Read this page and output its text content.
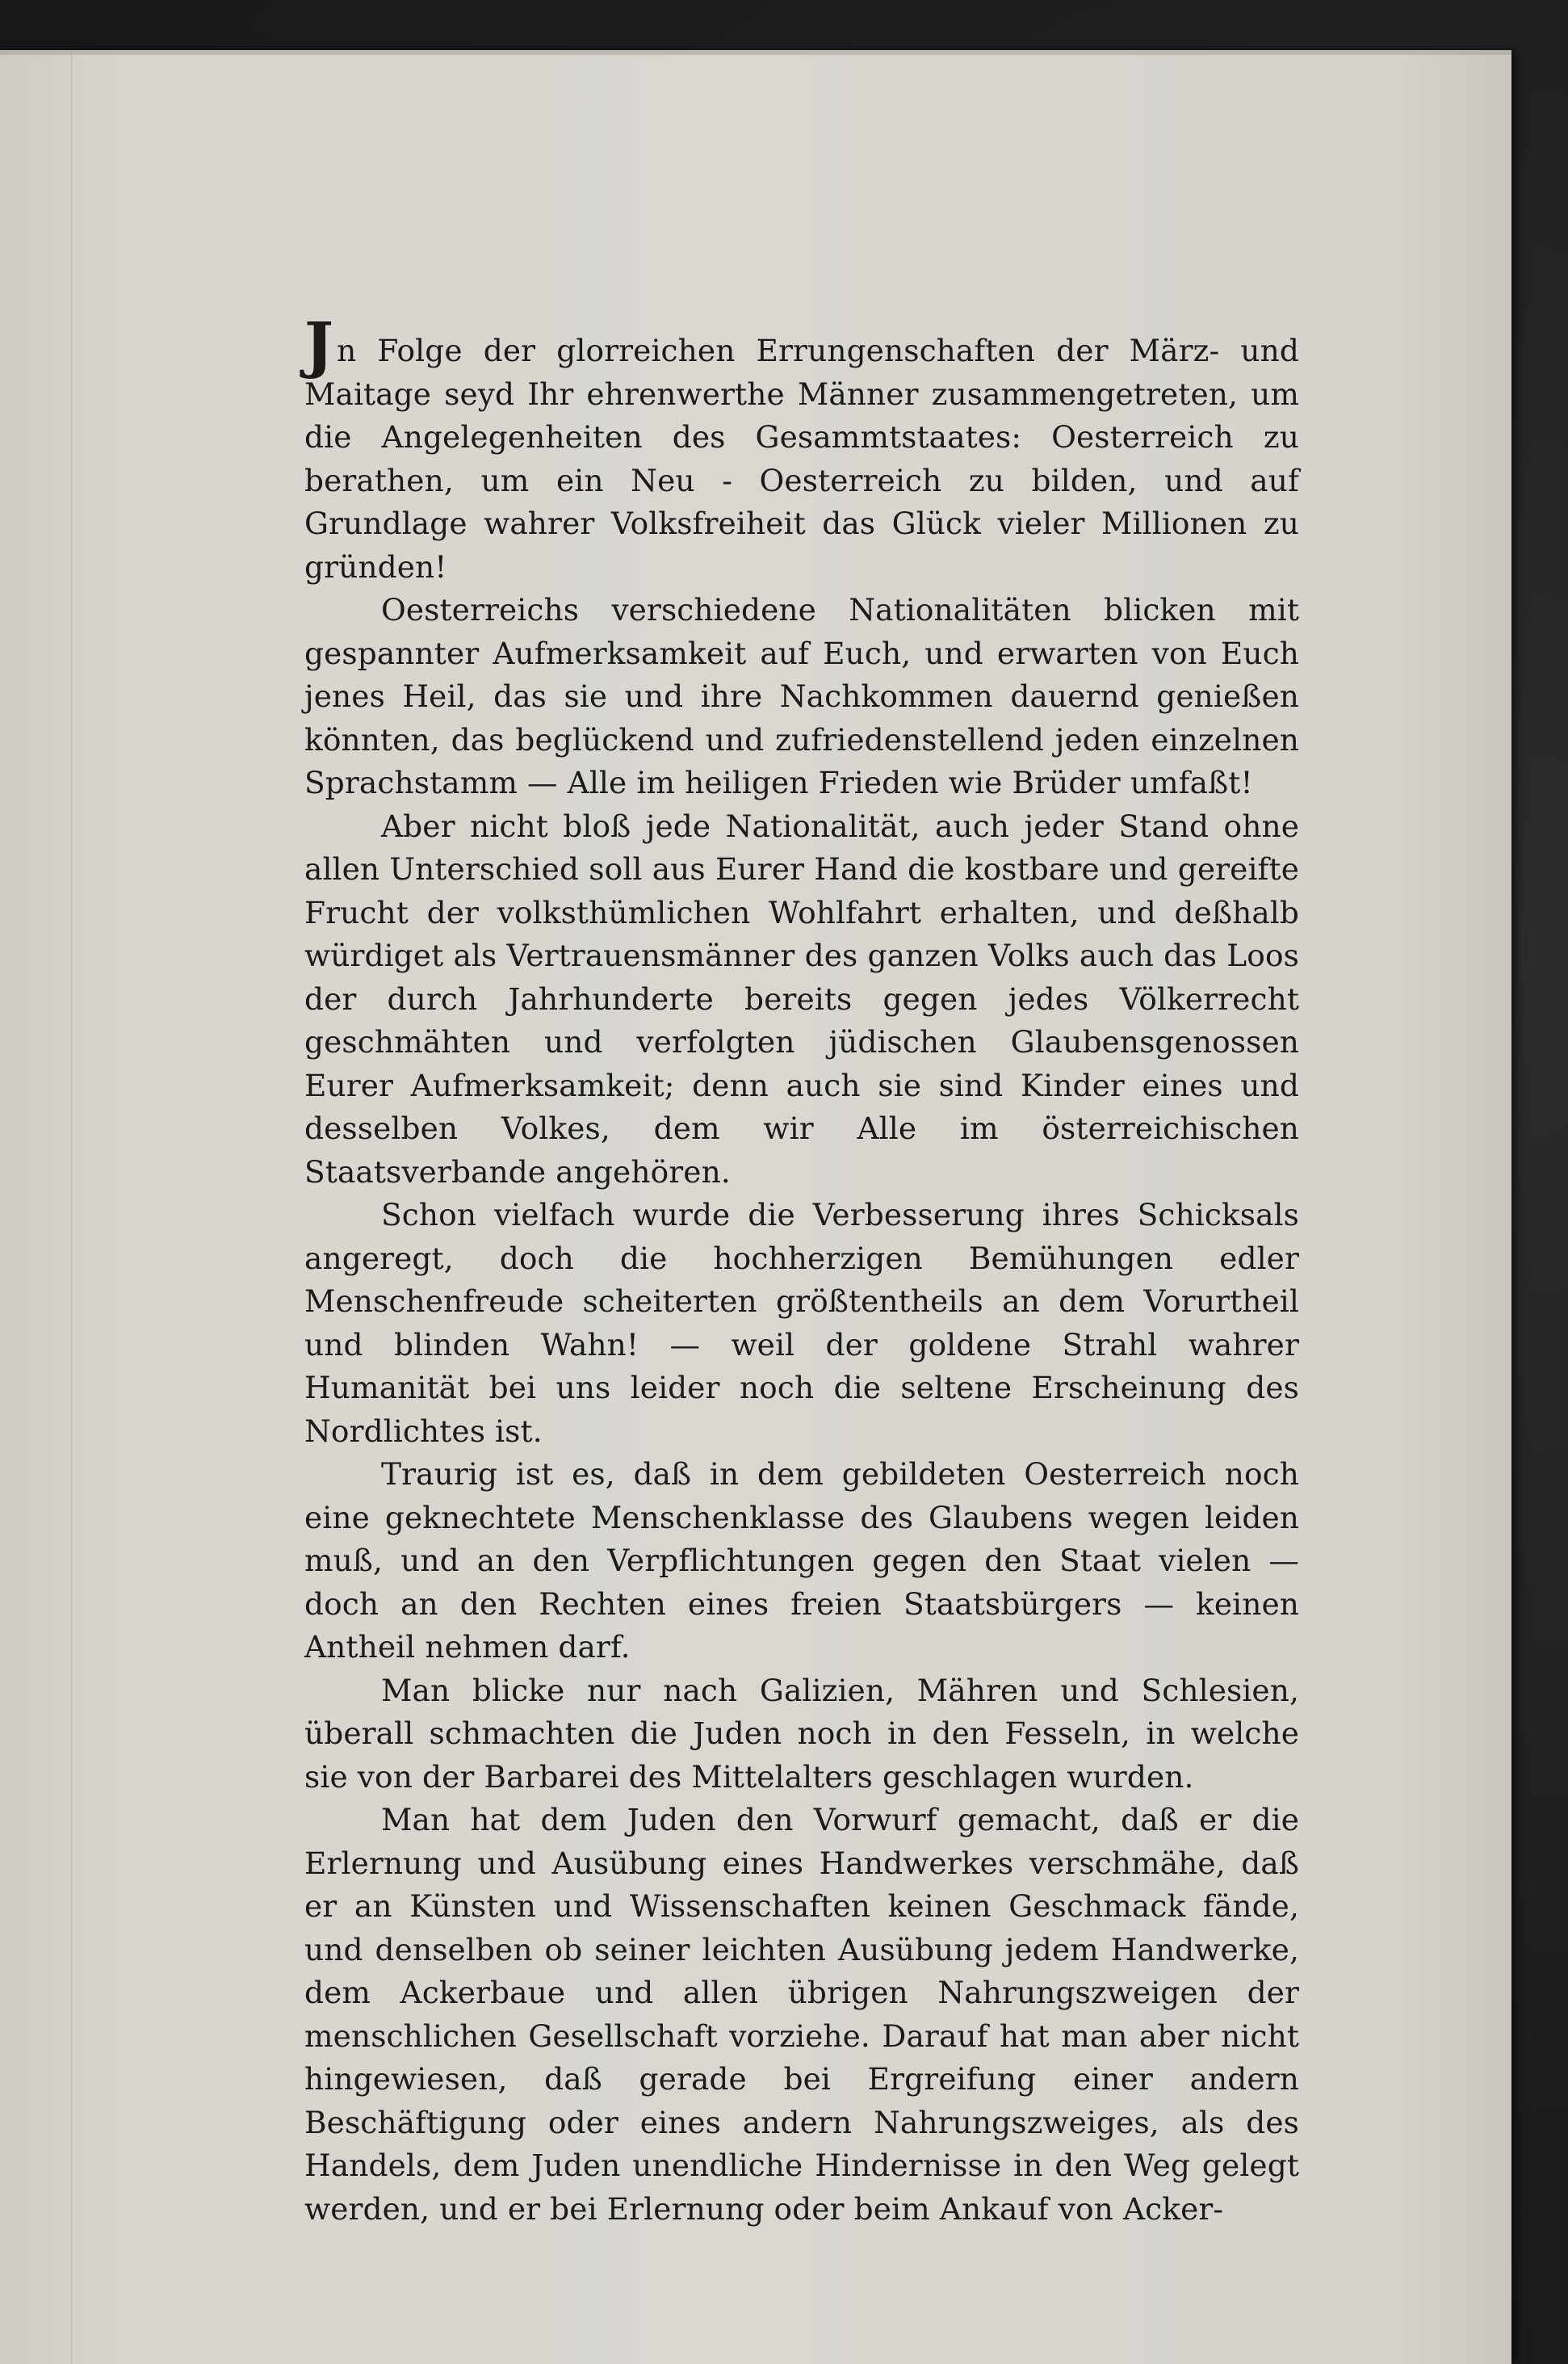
Jn Folge der glorreichen Errungenschaften der März- und Maitage seyd Ihr ehrenwerthe Männer zusammengetreten, um die Angelegenheiten des Gesammtstaates: Oesterreich zu berathen, um ein Neu - Oesterreich zu bilden, und auf Grundlage wahrer Volksfreiheit das Glück vieler Millionen zu gründen!

Oesterreichs verschiedene Nationalitäten blicken mit gespannter Aufmerksamkeit auf Euch, und erwarten von Euch jenes Heil, das sie und ihre Nachkommen dauernd genießen könnten, das beglückend und zufriedenstellend jeden einzelnen Sprachstamm — Alle im heiligen Frieden wie Brüder umfaßt!

Aber nicht bloß jede Nationalität, auch jeder Stand ohne allen Unterschied soll aus Eurer Hand die kostbare und gereifte Frucht der volksthümlichen Wohlfahrt erhalten, und deßhalb würdiget als Vertrauensmänner des ganzen Volks auch das Loos der durch Jahrhunderte bereits gegen jedes Völkerrecht geschmähten und verfolgten jüdischen Glaubensgenossen Eurer Aufmerksamkeit; denn auch sie sind Kinder eines und desselben Volkes, dem wir Alle im österreichischen Staatsverbande angehören.

Schon vielfach wurde die Verbesserung ihres Schicksals angeregt, doch die hochherzigen Bemühungen edler Menschenfreude scheiterten größtentheils an dem Vorurtheil und blinden Wahn! — weil der goldene Strahl wahrer Humanität bei uns leider noch die seltene Erscheinung des Nordlichtes ist.

Traurig ist es, daß in dem gebildeten Oesterreich noch eine geknechtete Menschenklasse des Glaubens wegen leiden muß, und an den Verpflichtungen gegen den Staat vielen — doch an den Rechten eines freien Staatsbürgers — keinen Antheil nehmen darf.

Man blicke nur nach Galizien, Mähren und Schlesien, überall schmachten die Juden noch in den Fesseln, in welche sie von der Barbarei des Mittelalters geschlagen wurden.

Man hat dem Juden den Vorwurf gemacht, daß er die Erlernung und Ausübung eines Handwerkes verschmähe, daß er an Künsten und Wissenschaften keinen Geschmack fände, und denselben ob seiner leichten Ausübung jedem Handwerke, dem Ackerbaue und allen übrigen Nahrungszweigen der menschlichen Gesellschaft vorziehe. Darauf hat man aber nicht hingewiesen, daß gerade bei Ergreifung einer andern Beschäftigung oder eines andern Nahrungszweiges, als des Handels, dem Juden unendliche Hindernisse in den Weg gelegt werden, und er bei Erlernung oder beim Ankauf von Acker-
